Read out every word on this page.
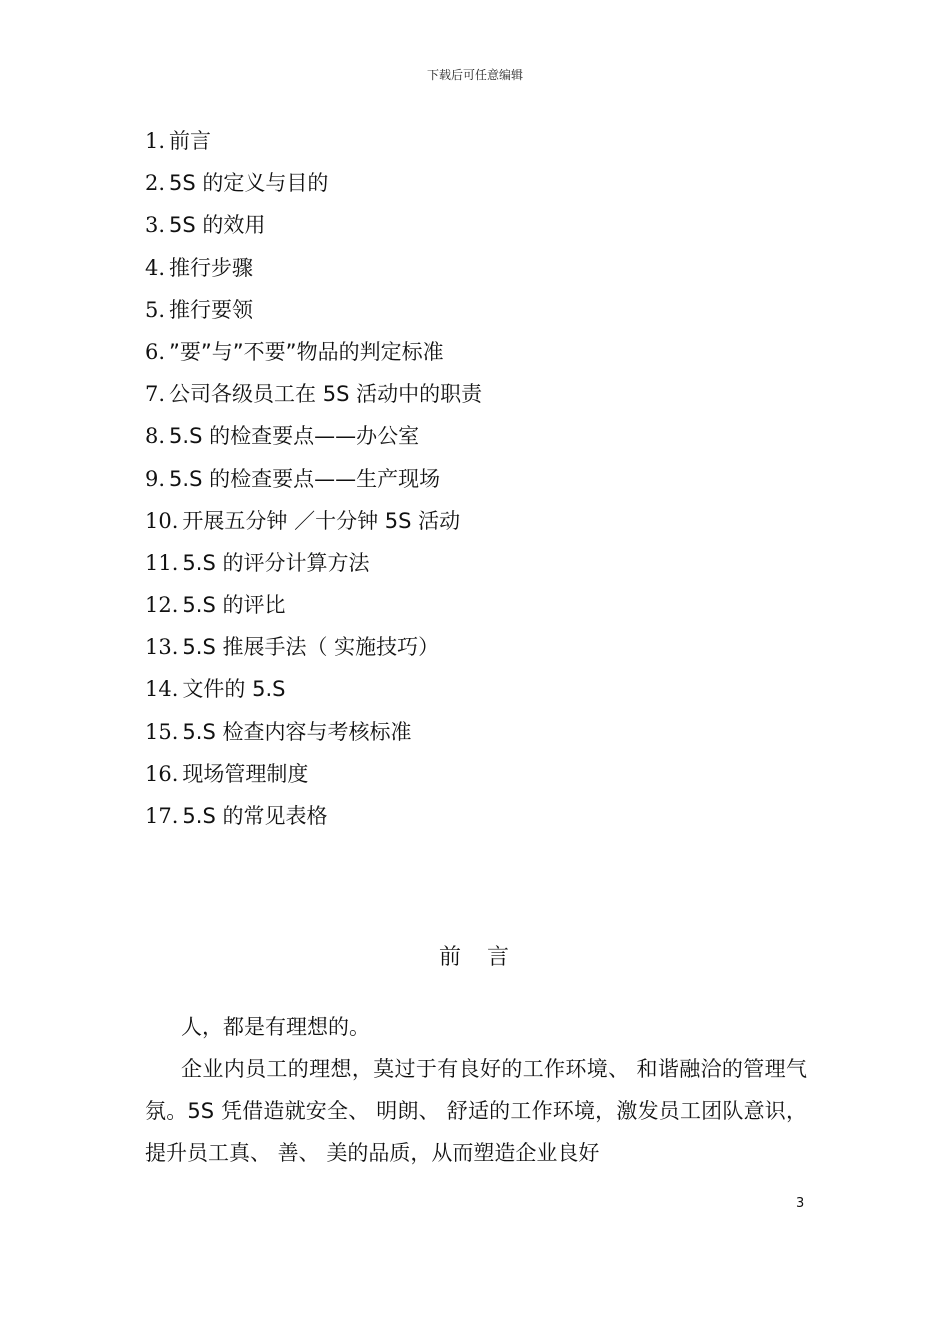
下载后可任意编辑
1. 前言
2. 5S 的定义与目的
3. 5S 的效用
4. 推行步骤
5. 推行要领
6. ”要”与”不要”物品的判定标准
7. 公司各级员工在 5S 活动中的职责
8. 5.S 的检查要点——办公室
9. 5.S 的检查要点——生产现场
10. 开展五分钟 ／十分钟 5S 活动
11. 5.S 的评分计算方法
12. 5.S 的评比
13. 5.S 推展手法（ 实施技巧）
14. 文件的 5.S
15. 5.S 检查内容与考核标准
16. 现场管理制度
17. 5.S 的常见表格
前　言

人，都是有理想的。

企业内员工的理想，莫过于有良好的工作环境、 和谐融洽的管理气氛。5S 凭借造就安全、 明朗、 舒适的工作环境，激发员工团队意识，提升员工真、 善、 美的品质，从而塑造企业良好

3
